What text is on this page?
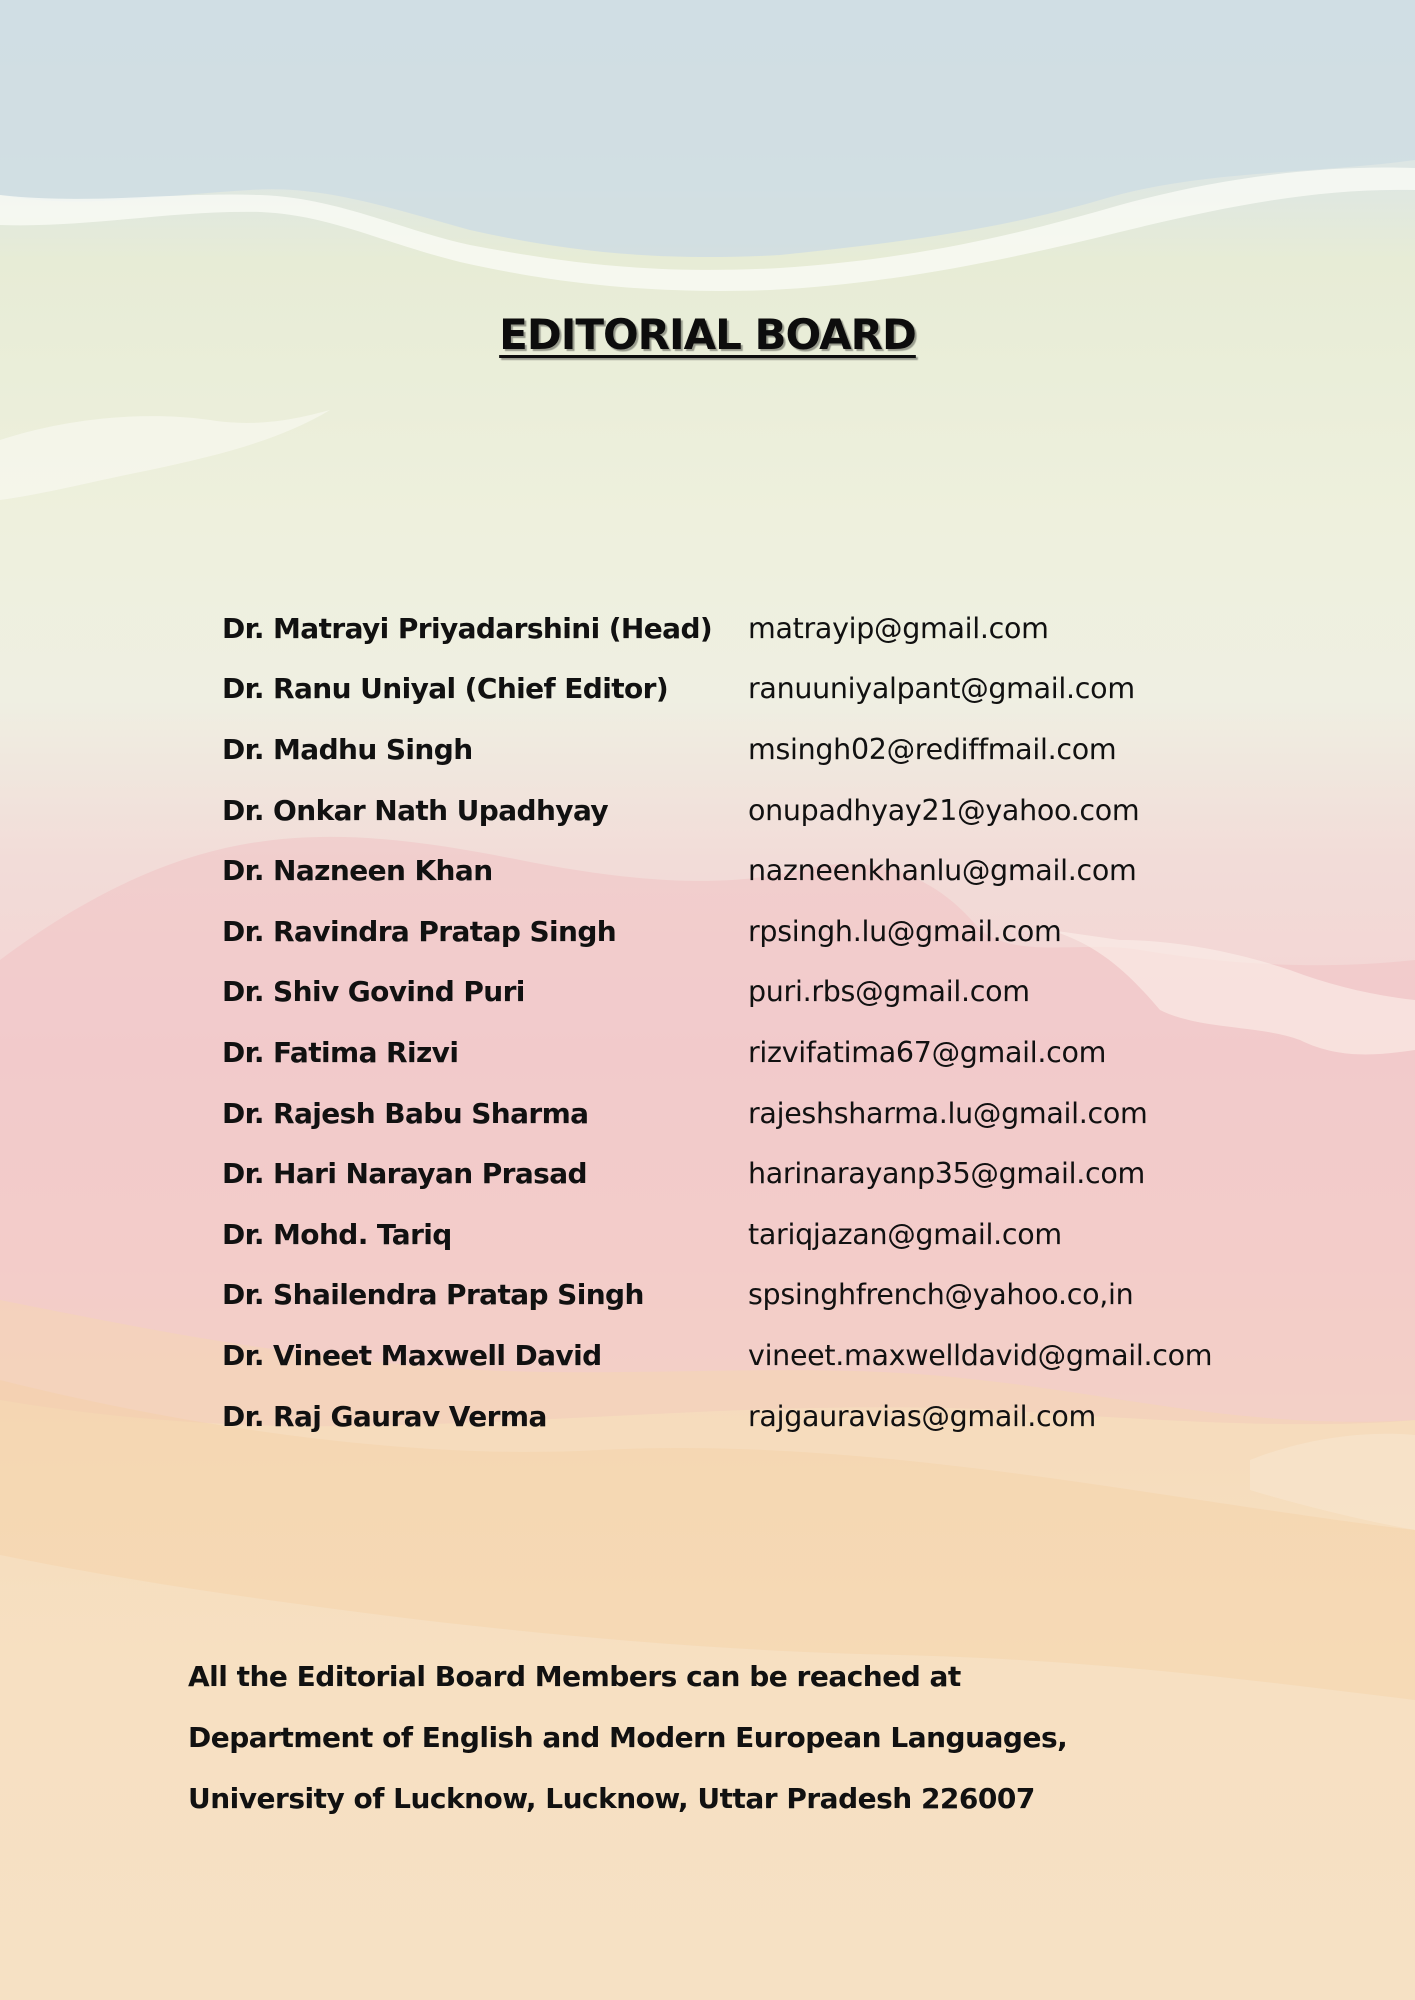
EDITORIAL BOARD
Dr. Matrayi Priyadarshini (Head)	matrayip@gmail.com
Dr. Ranu Uniyal (Chief Editor)	ranuuniyalpant@gmail.com
Dr. Madhu Singh	msingh02@rediffmail.com
Dr. Onkar Nath Upadhyay	onupadhyay21@yahoo.com
Dr. Nazneen Khan	nazneenkhanlu@gmail.com
Dr. Ravindra Pratap Singh	rpsingh.lu@gmail.com
Dr. Shiv Govind Puri	puri.rbs@gmail.com
Dr. Fatima Rizvi	rizvifatima67@gmail.com
Dr. Rajesh Babu Sharma	rajeshsharma.lu@gmail.com
Dr. Hari Narayan Prasad	harinarayanp35@gmail.com
Dr. Mohd. Tariq	tariqjazan@gmail.com
Dr. Shailendra Pratap Singh	spsinghfrench@yahoo.co,in
Dr. Vineet Maxwell David	vineet.maxwelldavid@gmail.com
Dr. Raj Gaurav Verma	rajgauravias@gmail.com
All the Editorial Board Members can be reached at
Department of English and Modern European Languages,
University of Lucknow, Lucknow, Uttar Pradesh 226007
